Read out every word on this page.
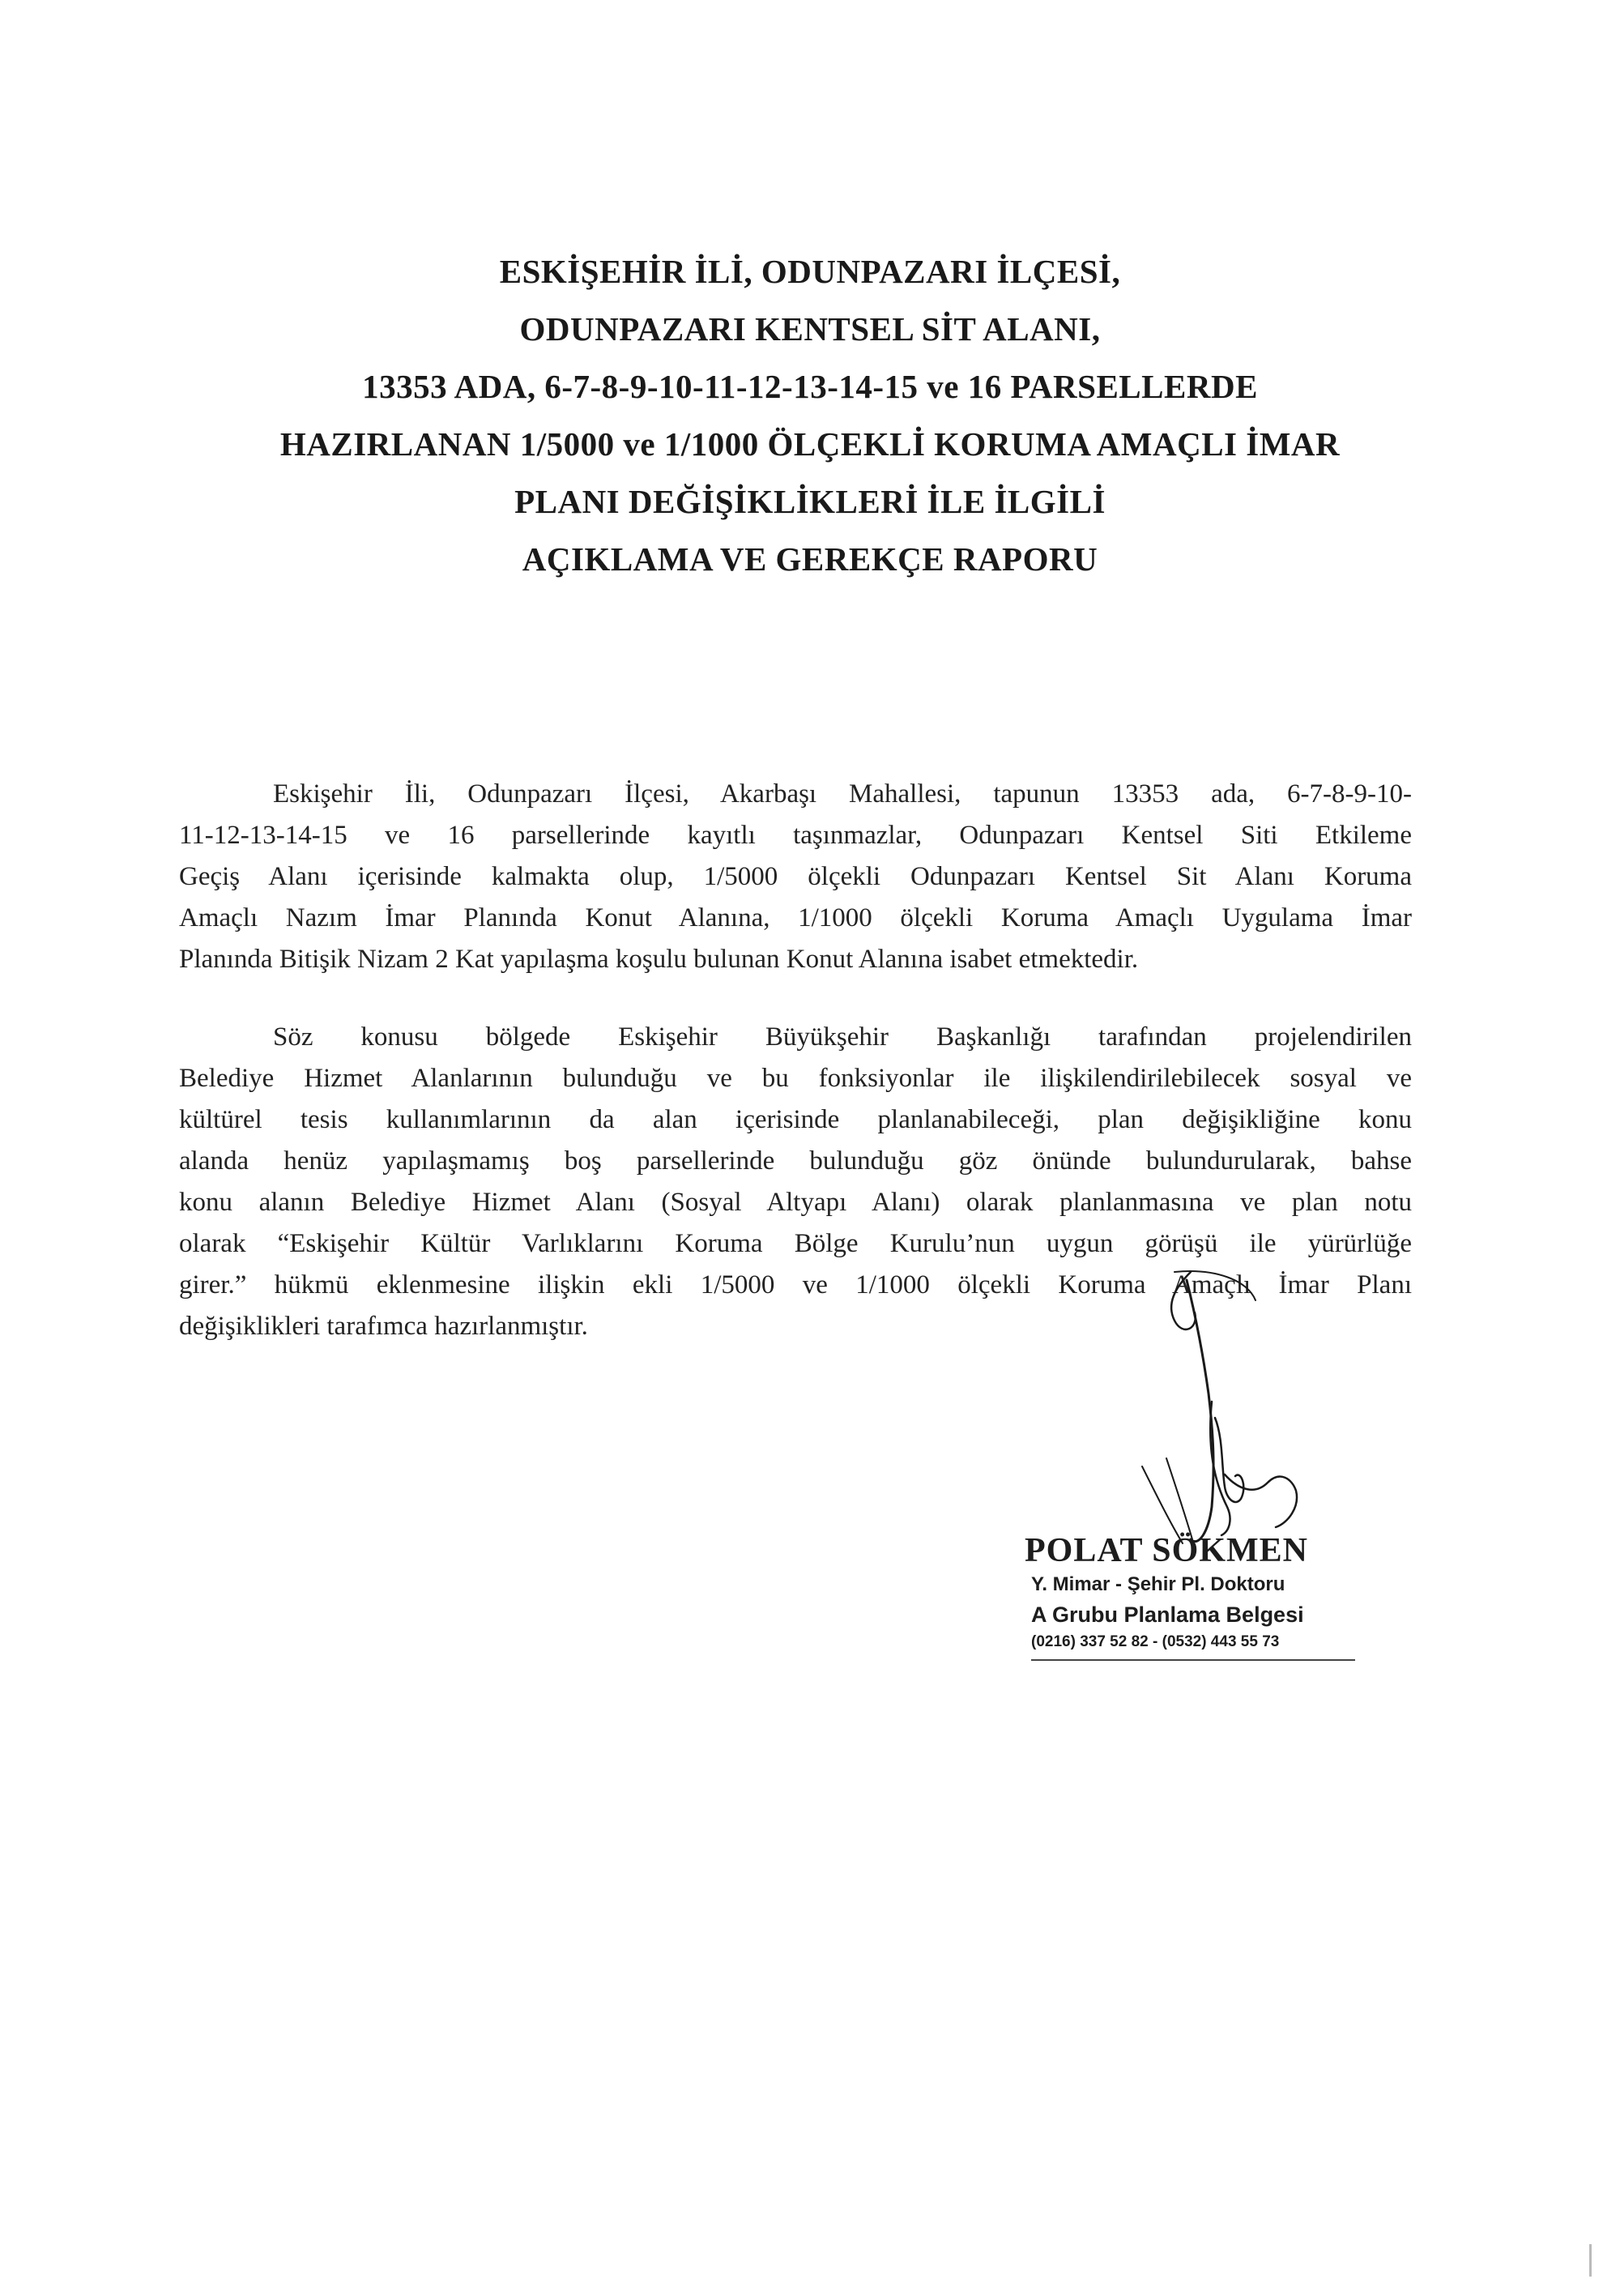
ESKİŞEHİR İLİ, ODUNPAZARI İLÇESİ,
ODUNPAZARI KENTSEL SİT ALANI,
13353 ADA, 6-7-8-9-10-11-12-13-14-15 ve 16 PARSELLERDE
HAZIRLANAN 1/5000 ve 1/1000 ÖLÇEKLİ KORUMA AMAÇLI İMAR
PLANI DEĞİŞİKLİKLERİ İLE İLGİLİ
AÇIKLAMA VE GEREKÇE RAPORU
Eskişehir İli, Odunpazarı İlçesi, Akarbaşı Mahallesi, tapunun 13353 ada, 6-7-8-9-10-
11-12-13-14-15 ve 16 parsellerinde kayıtlı taşınmazlar, Odunpazarı Kentsel Siti Etkileme
Geçiş Alanı içerisinde kalmakta olup, 1/5000 ölçekli Odunpazarı Kentsel Sit Alanı Koruma
Amaçlı Nazım İmar Planında Konut Alanına, 1/1000 ölçekli Koruma Amaçlı Uygulama İmar
Planında Bitişik Nizam 2 Kat yapılaşma koşulu bulunan Konut Alanına isabet etmektedir.
Söz konusu bölgede Eskişehir Büyükşehir Başkanlığı tarafından projelendirilen
Belediye Hizmet Alanlarının bulunduğu ve bu fonksiyonlar ile ilişkilendirilebilecek sosyal ve
kültürel tesis kullanımlarının da alan içerisinde planlanabileceği, plan değişikliğine konu
alanda henüz yapılaşmamış boş parsellerinde bulunduğu göz önünde bulundurularak, bahse
konu alanın Belediye Hizmet Alanı (Sosyal Altyapı Alanı) olarak planlanmasına ve plan notu
olarak “Eskişehir Kültür Varlıklarını Koruma Bölge Kurulu’nun uygun görüşü ile yürürlüğe
girer.” hükmü eklenmesine ilişkin ekli 1/5000 ve 1/1000 ölçekli Koruma Amaçlı İmar Planı
değişiklikleri tarafımca hazırlanmıştır.
POLAT SÖKMEN
Y. Mimar - Şehir Pl. Doktoru
A Grubu Planlama Belgesi
(0216) 337 52 82 - (0532) 443 55 73
